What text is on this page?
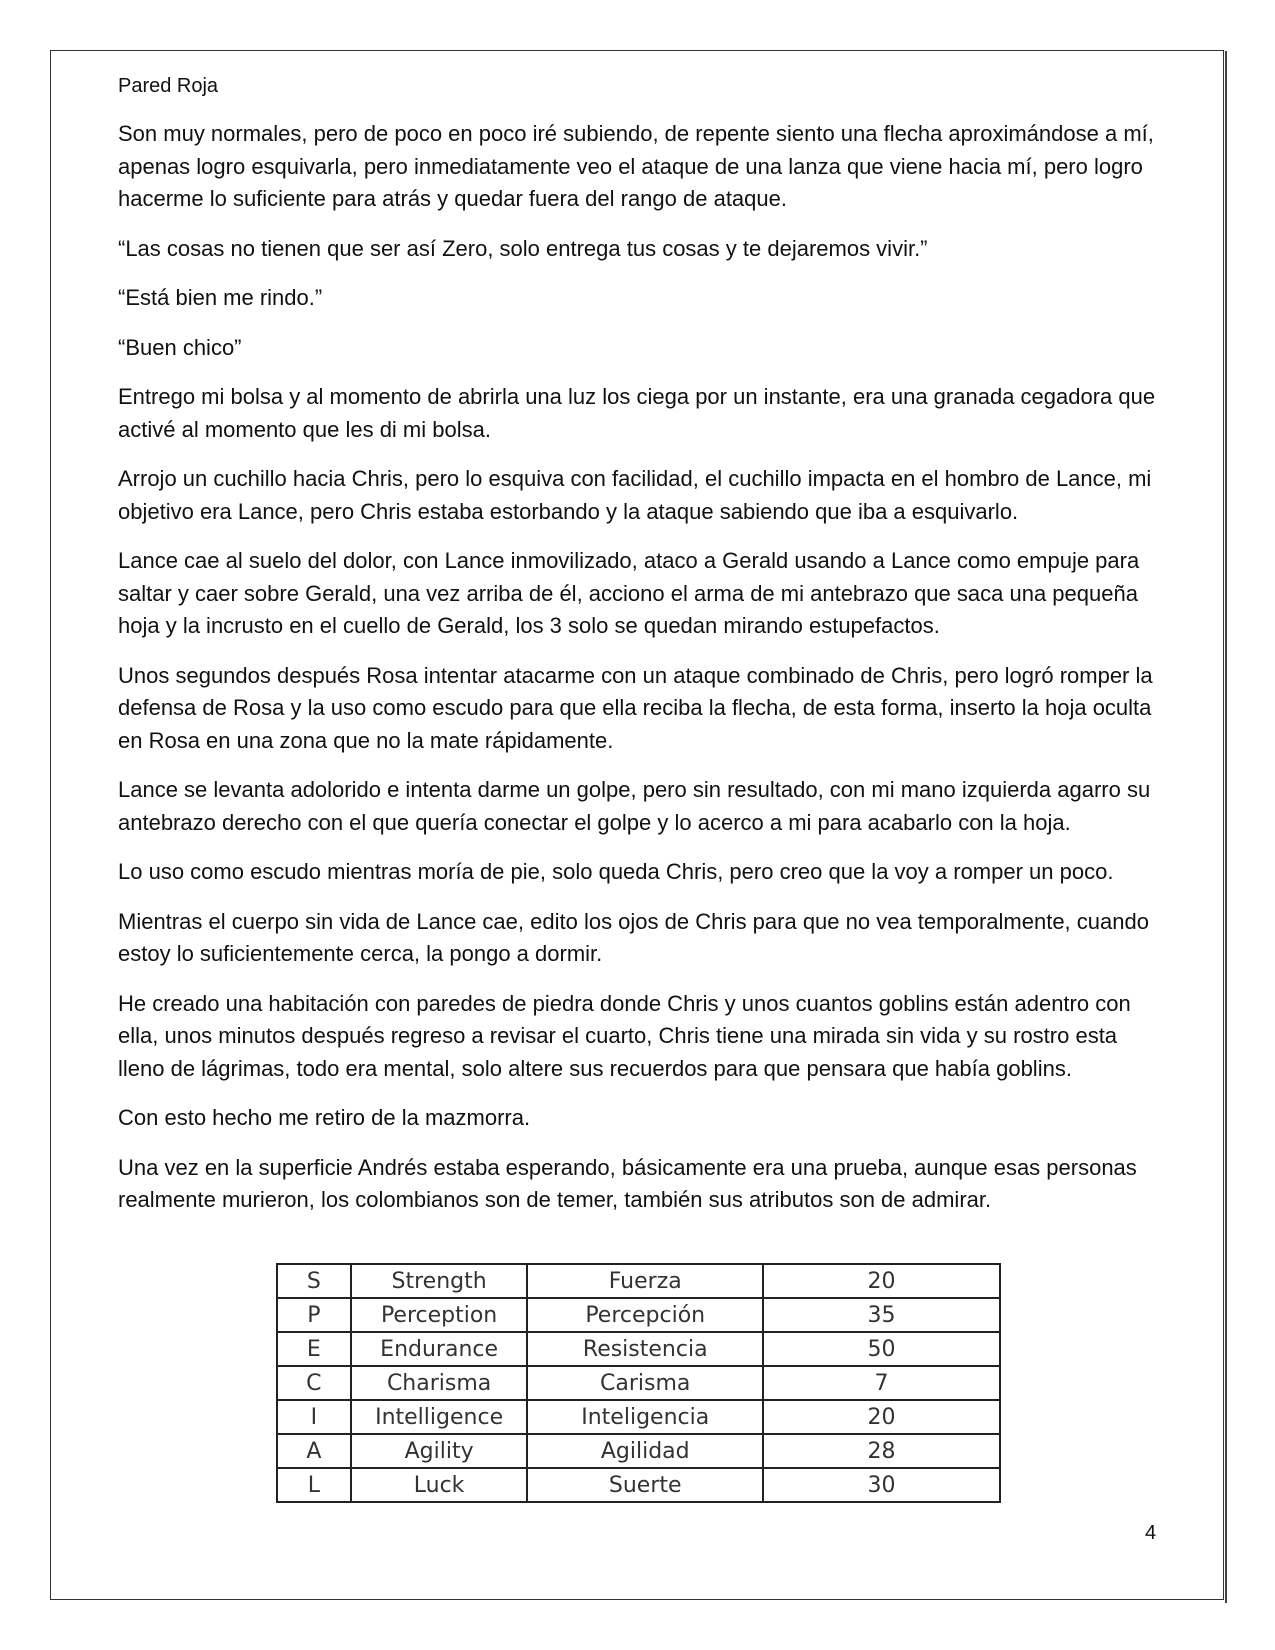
Pared Roja

Son muy normales, pero de poco en poco iré subiendo, de repente siento una flecha aproximándose a mí, apenas logro esquivarla, pero inmediatamente veo el ataque de una lanza que viene hacia mí, pero logro hacerme lo suficiente para atrás y quedar fuera del rango de ataque.

“Las cosas no tienen que ser así Zero, solo entrega tus cosas y te dejaremos vivir.”

“Está bien me rindo.”

“Buen chico”

Entrego mi bolsa y al momento de abrirla una luz los ciega por un instante, era una granada cegadora que activé al momento que les di mi bolsa.

Arrojo un cuchillo hacia Chris, pero lo esquiva con facilidad, el cuchillo impacta en el hombro de Lance, mi objetivo era Lance, pero Chris estaba estorbando y la ataque sabiendo que iba a esquivarlo.

Lance cae al suelo del dolor, con Lance inmovilizado, ataco a Gerald usando a Lance como empuje para saltar y caer sobre Gerald, una vez arriba de él, acciono el arma de mi antebrazo que saca una pequeña hoja y la incrusto en el cuello de Gerald, los 3 solo se quedan mirando estupefactos.

Unos segundos después Rosa intentar atacarme con un ataque combinado de Chris, pero logró romper la defensa de Rosa y la uso como escudo para que ella reciba la flecha, de esta forma, inserto la hoja oculta en Rosa en una zona que no la mate rápidamente.

Lance se levanta adolorido e intenta darme un golpe, pero sin resultado, con mi mano izquierda agarro su antebrazo derecho con el que quería conectar el golpe y lo acerco a mi para acabarlo con la hoja.

Lo uso como escudo mientras moría de pie, solo queda Chris, pero creo que la voy a romper un poco.

Mientras el cuerpo sin vida de Lance cae, edito los ojos de Chris para que no vea temporalmente, cuando estoy lo suficientemente cerca, la pongo a dormir.

He creado una habitación con paredes de piedra donde Chris y unos cuantos goblins están adentro con ella, unos minutos después regreso a revisar el cuarto, Chris tiene una mirada sin vida y su rostro esta lleno de lágrimas, todo era mental, solo altere sus recuerdos para que pensara que había goblins.

Con esto hecho me retiro de la mazmorra.

Una vez en la superficie Andrés estaba esperando, básicamente era una prueba, aunque esas personas realmente murieron, los colombianos son de temer, también sus atributos son de admirar.

S	Strength	Fuerza	20
P	Perception	Percepción	35
E	Endurance	Resistencia	50
C	Charisma	Carisma	7
I	Intelligence	Inteligencia	20
A	Agility	Agilidad	28
L	Luck	Suerte	30
4
